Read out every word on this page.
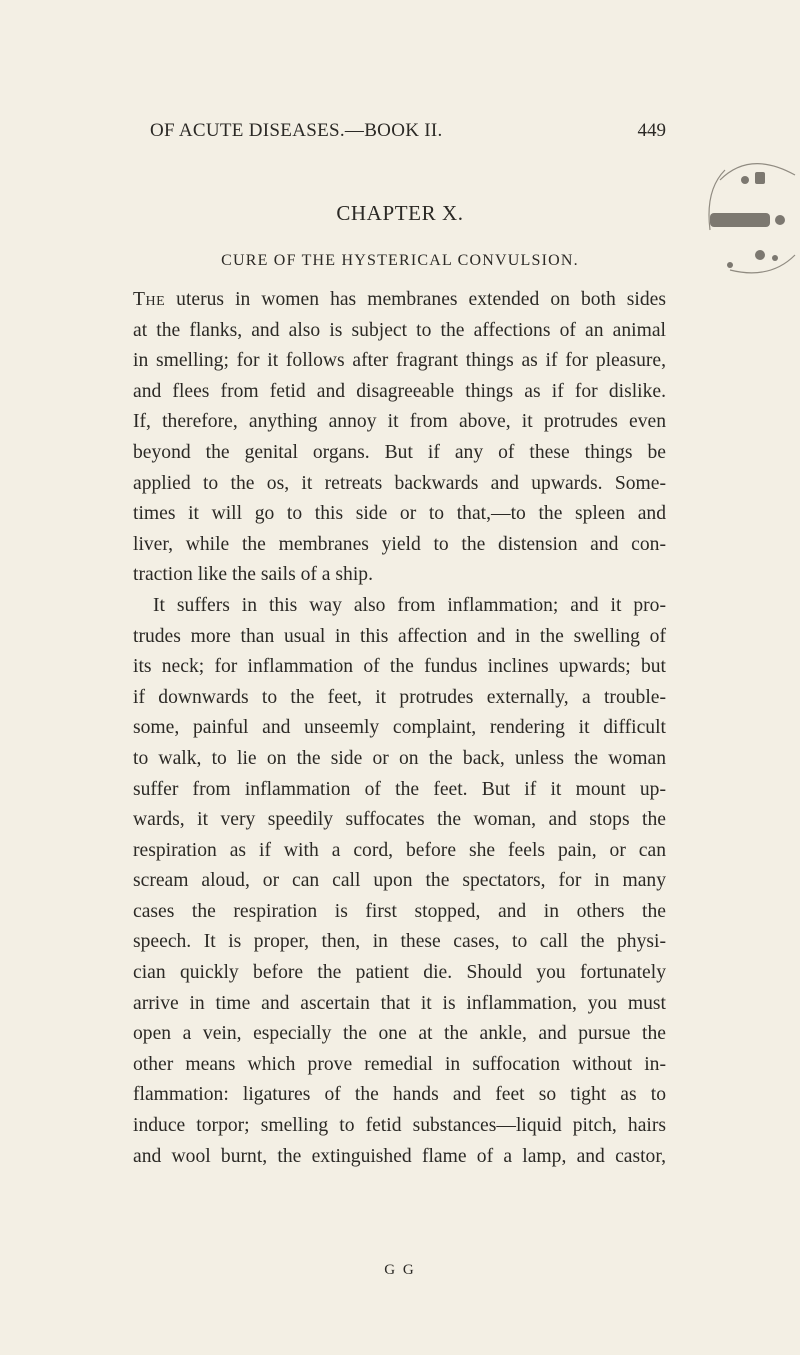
OF ACUTE DISEASES.—BOOK II.	449
CHAPTER X.
CURE OF THE HYSTERICAL CONVULSION.
The uterus in women has membranes extended on both sides
at the flanks, and also is subject to the affections of an animal
in smelling; for it follows after fragrant things as if for pleasure,
and flees from fetid and disagreeable things as if for dislike.
If, therefore, anything annoy it from above, it protrudes even
beyond the genital organs. But if any of these things be
applied to the os, it retreats backwards and upwards. Some-
times it will go to this side or to that,—to the spleen and
liver, while the membranes yield to the distension and con-
traction like the sails of a ship.
It suffers in this way also from inflammation; and it pro-
trudes more than usual in this affection and in the swelling of
its neck; for inflammation of the fundus inclines upwards; but
if downwards to the feet, it protrudes externally, a trouble-
some, painful and unseemly complaint, rendering it difficult
to walk, to lie on the side or on the back, unless the woman
suffer from inflammation of the feet. But if it mount up-
wards, it very speedily suffocates the woman, and stops the
respiration as if with a cord, before she feels pain, or can
scream aloud, or can call upon the spectators, for in many
cases the respiration is first stopped, and in others the
speech. It is proper, then, in these cases, to call the physi-
cian quickly before the patient die. Should you fortunately
arrive in time and ascertain that it is inflammation, you must
open a vein, especially the one at the ankle, and pursue the
other means which prove remedial in suffocation without in-
flammation: ligatures of the hands and feet so tight as to
induce torpor; smelling to fetid substances—liquid pitch, hairs
and wool burnt, the extinguished flame of a lamp, and castor,
G G
